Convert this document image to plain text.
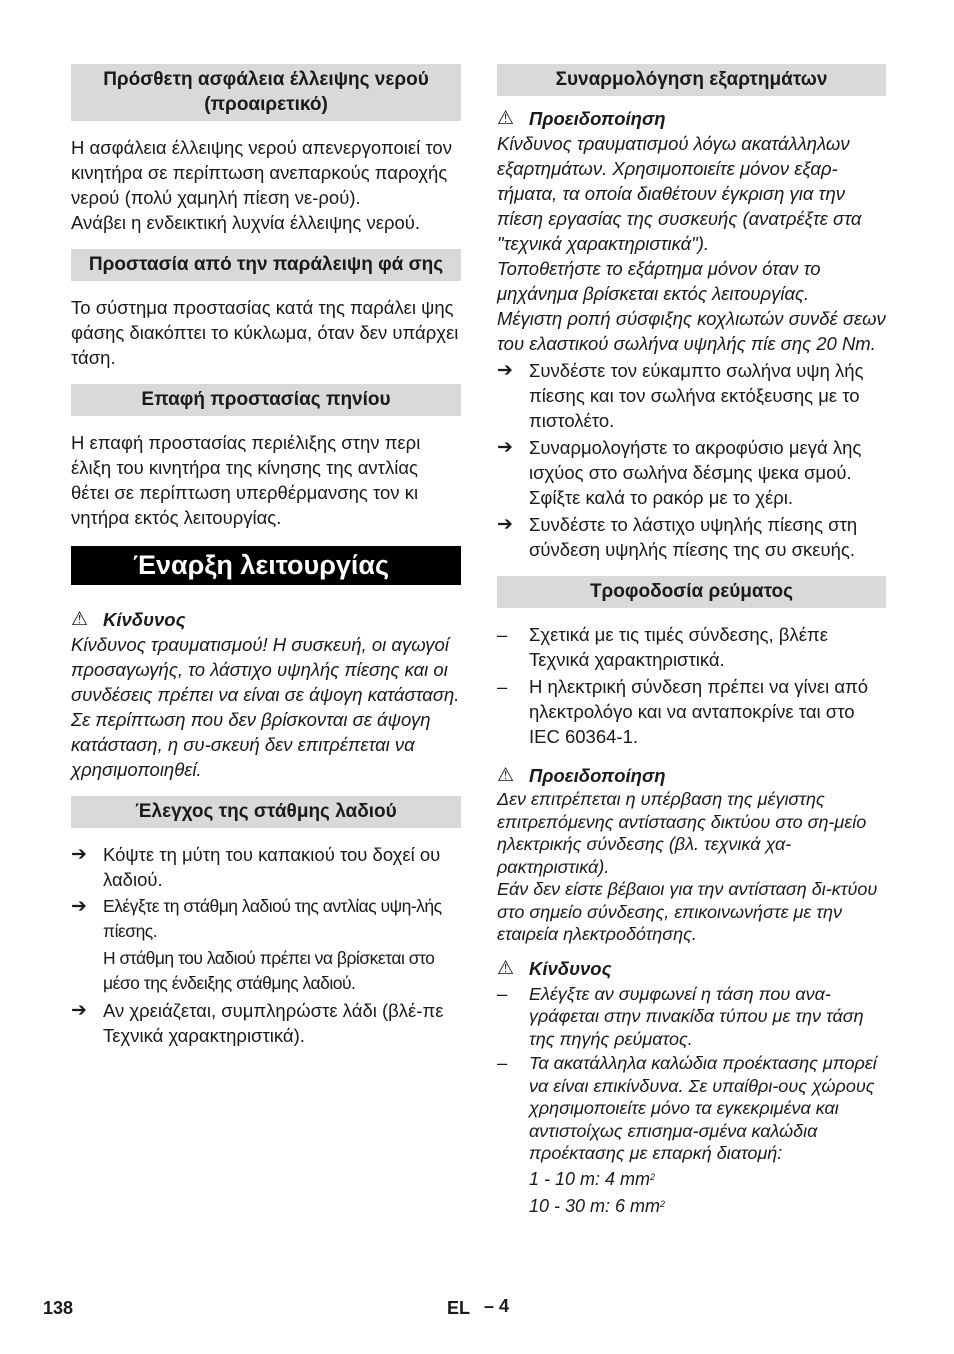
Πρόσθετη ασφάλεια έλλειψης νερού (προαιρετικό)

Η ασφάλεια έλλειψης νερού απενεργοποιεί τον κινητήρα σε περίπτωση ανεπαρκούς παροχής νερού (πολύ χαμηλή πίεση νε-ρού).

Ανάβει η ενδεικτική λυχνία έλλειψης νερού.

Προστασία από την παράλειψη φά σης

Το σύστημα προστασίας κατά της παράλει ψης φάσης διακόπτει το κύκλωμα, όταν δεν υπάρχει τάση.

Επαφή προστασίας πηνίου

Η επαφή προστασίας περιέλιξης στην περι έλιξη του κινητήρα της κίνησης της αντλίας θέτει σε περίπτωση υπερθέρμανσης τον κι νητήρα εκτός λειτουργίας.

Έναρξη λειτουργίας
⚠ Κίνδυνος

Κίνδυνος τραυματισμού! Η συσκευή, οι αγωγοί προσαγωγής, το λάστιχο υψηλής πίεσης και οι συνδέσεις πρέπει να είναι σε άψογη κατάσταση. Σε περίπτωση που δεν βρίσκονται σε άψογη κατάσταση, η συ-σκευή δεν επιτρέπεται να χρησιμοποιηθεί.

Έλεγχος της στάθμης λαδιού
➔ Κόψτε τη μύτη του καπακιού του δοχεί ου λαδιού.
➔ Ελέγξτε τη στάθμη λαδιού της αντλίας υψη-λής πίεσης.
Η στάθμη του λαδιού πρέπει να βρίσκεται στο μέσο της ένδειξης στάθμης λαδιού.
➔ Αν χρειάζεται, συμπληρώστε λάδι (βλέ-πε Τεχνικά χαρακτηριστικά).
Συναρμολόγηση εξαρτημάτων
⚠ Προειδοποίηση

Κίνδυνος τραυματισμού λόγω ακατάλληλων εξαρτημάτων. Χρησιμοποιείτε μόνον εξαρ-τήματα, τα οποία διαθέτουν έγκριση για την πίεση εργασίας της συσκευής (ανατρέξτε στα "τεχνικά χαρακτηριστικά").

Τοποθετήστε το εξάρτημα μόνον όταν το μηχάνημα βρίσκεται εκτός λειτουργίας.

Μέγιστη ροπή σύσφιξης κοχλιωτών συνδέ σεων του ελαστικού σωλήνα υψηλής πίε σης 20 Nm.

➔ Συνδέστε τον εύκαμπτο σωλήνα υψη λής πίεσης και τον σωλήνα εκτόξευσης με το πιστολέτο.
➔ Συναρμολογήστε το ακροφύσιο μεγά λης ισχύος στο σωλήνα δέσμης ψεκα σμού. Σφίξτε καλά το ρακόρ με το χέρι.
➔ Συνδέστε το λάστιχο υψηλής πίεσης στη σύνδεση υψηλής πίεσης της συ σκευής.
Τροφοδοσία ρεύματος
–	Σχετικά με τις τιμές σύνδεσης, βλέπε Τεχνικά χαρακτηριστικά.
–	Η ηλεκτρική σύνδεση πρέπει να γίνει από ηλεκτρολόγο και να ανταποκρίνε ται στο IEC 60364-1.
⚠ Προειδοποίηση

Δεν επιτρέπεται η υπέρβαση της μέγιστης επιτρεπόμενης αντίστασης δικτύου στο ση-μείο ηλεκτρικής σύνδεσης (βλ. τεχνικά χα-ρακτηριστικά).

Εάν δεν είστε βέβαιοι για την αντίσταση δι-κτύου στο σημείο σύνδεσης, επικοινωνήστε με την εταιρεία ηλεκτροδότησης.

⚠ Κίνδυνος
–	Ελέγξτε αν συμφωνεί η τάση που ανα-γράφεται στην πινακίδα τύπου με την τάση της πηγής ρεύματος.
–	Τα ακατάλληλα καλώδια προέκτασης μπορεί να είναι επικίνδυνα. Σε υπαίθρι-ους χώρους χρησιμοποιείτε μόνο τα εγκεκριμένα και αντιστοίχως επισημα-σμένα καλώδια προέκτασης με επαρκή διατομή:
1 - 10 m: 4 $mm^2$
10 - 30 m: 6 $mm^2$
138	EL – 4
